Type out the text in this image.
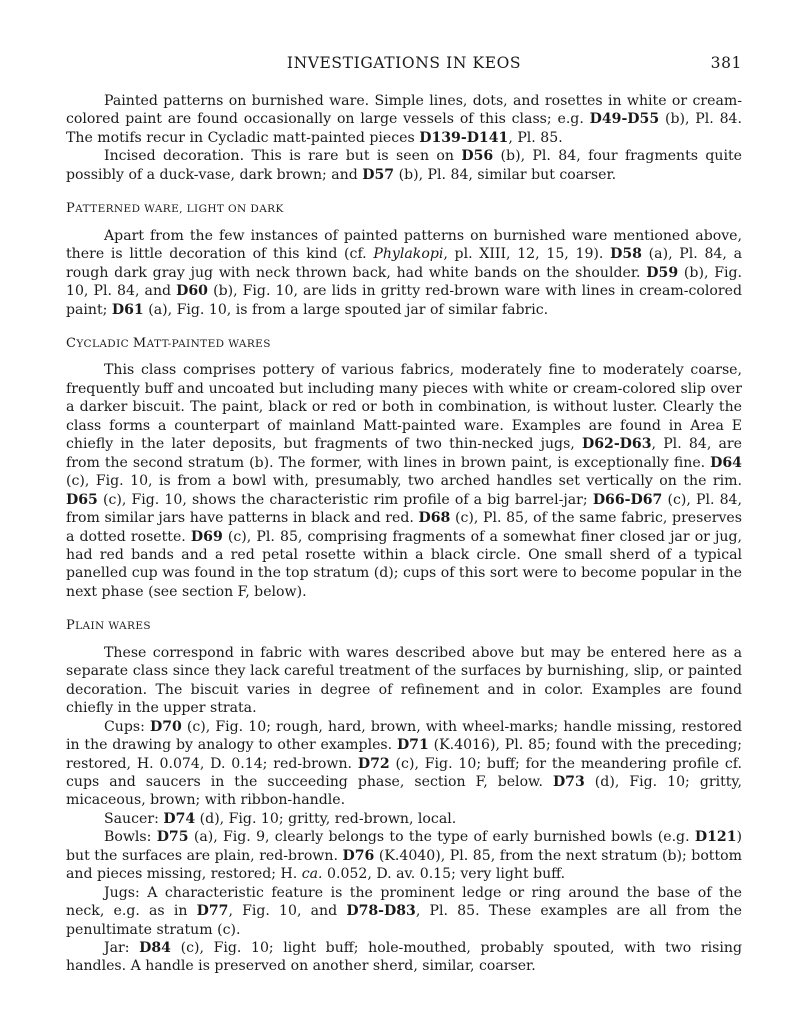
INVESTIGATIONS IN KEOS	381

Painted patterns on burnished ware. Simple lines, dots, and rosettes in white or cream-colored paint are found occasionally on large vessels of this class; e.g. D49-D55 (b), Pl. 84. The motifs recur in Cycladic matt-painted pieces D139-D141, Pl. 85.

Incised decoration. This is rare but is seen on D56 (b), Pl. 84, four fragments quite possibly of a duck-vase, dark brown; and D57 (b), Pl. 84, similar but coarser.

PATTERNED WARE, LIGHT ON DARK

Apart from the few instances of painted patterns on burnished ware mentioned above, there is little decoration of this kind (cf. Phylakopi, pl. XIII, 12, 15, 19). D58 (a), Pl. 84, a rough dark gray jug with neck thrown back, had white bands on the shoulder. D59 (b), Fig. 10, Pl. 84, and D60 (b), Fig. 10, are lids in gritty red-brown ware with lines in cream-colored paint; D61 (a), Fig. 10, is from a large spouted jar of similar fabric.

CYCLADIC MATT-PAINTED WARES

This class comprises pottery of various fabrics, moderately fine to moderately coarse, frequently buff and uncoated but including many pieces with white or cream-colored slip over a darker biscuit. The paint, black or red or both in combination, is without luster. Clearly the class forms a counterpart of mainland Matt-painted ware. Examples are found in Area E chiefly in the later deposits, but fragments of two thin-necked jugs, D62-D63, Pl. 84, are from the second stratum (b). The former, with lines in brown paint, is exceptionally fine. D64 (c), Fig. 10, is from a bowl with, presumably, two arched handles set vertically on the rim. D65 (c), Fig. 10, shows the characteristic rim profile of a big barrel-jar; D66-D67 (c), Pl. 84, from similar jars have patterns in black and red. D68 (c), Pl. 85, of the same fabric, preserves a dotted rosette. D69 (c), Pl. 85, comprising fragments of a somewhat finer closed jar or jug, had red bands and a red petal rosette within a black circle. One small sherd of a typical panelled cup was found in the top stratum (d); cups of this sort were to become popular in the next phase (see section F, below).

PLAIN WARES

These correspond in fabric with wares described above but may be entered here as a separate class since they lack careful treatment of the surfaces by burnishing, slip, or painted decoration. The biscuit varies in degree of refinement and in color. Examples are found chiefly in the upper strata.

Cups: D70 (c), Fig. 10; rough, hard, brown, with wheel-marks; handle missing, restored in the drawing by analogy to other examples. D71 (K.4016), Pl. 85; found with the preceding; restored, H. 0.074, D. 0.14; red-brown. D72 (c), Fig. 10; buff; for the meandering profile cf. cups and saucers in the succeeding phase, section F, below. D73 (d), Fig. 10; gritty, micaceous, brown; with ribbon-handle.

Saucer: D74 (d), Fig. 10; gritty, red-brown, local.

Bowls: D75 (a), Fig. 9, clearly belongs to the type of early burnished bowls (e.g. D121) but the surfaces are plain, red-brown. D76 (K.4040), Pl. 85, from the next stratum (b); bottom and pieces missing, restored; H. ca. 0.052, D. av. 0.15; very light buff.

Jugs: A characteristic feature is the prominent ledge or ring around the base of the neck, e.g. as in D77, Fig. 10, and D78-D83, Pl. 85. These examples are all from the penultimate stratum (c).

Jar: D84 (c), Fig. 10; light buff; hole-mouthed, probably spouted, with two rising handles. A handle is preserved on another sherd, similar, coarser.
